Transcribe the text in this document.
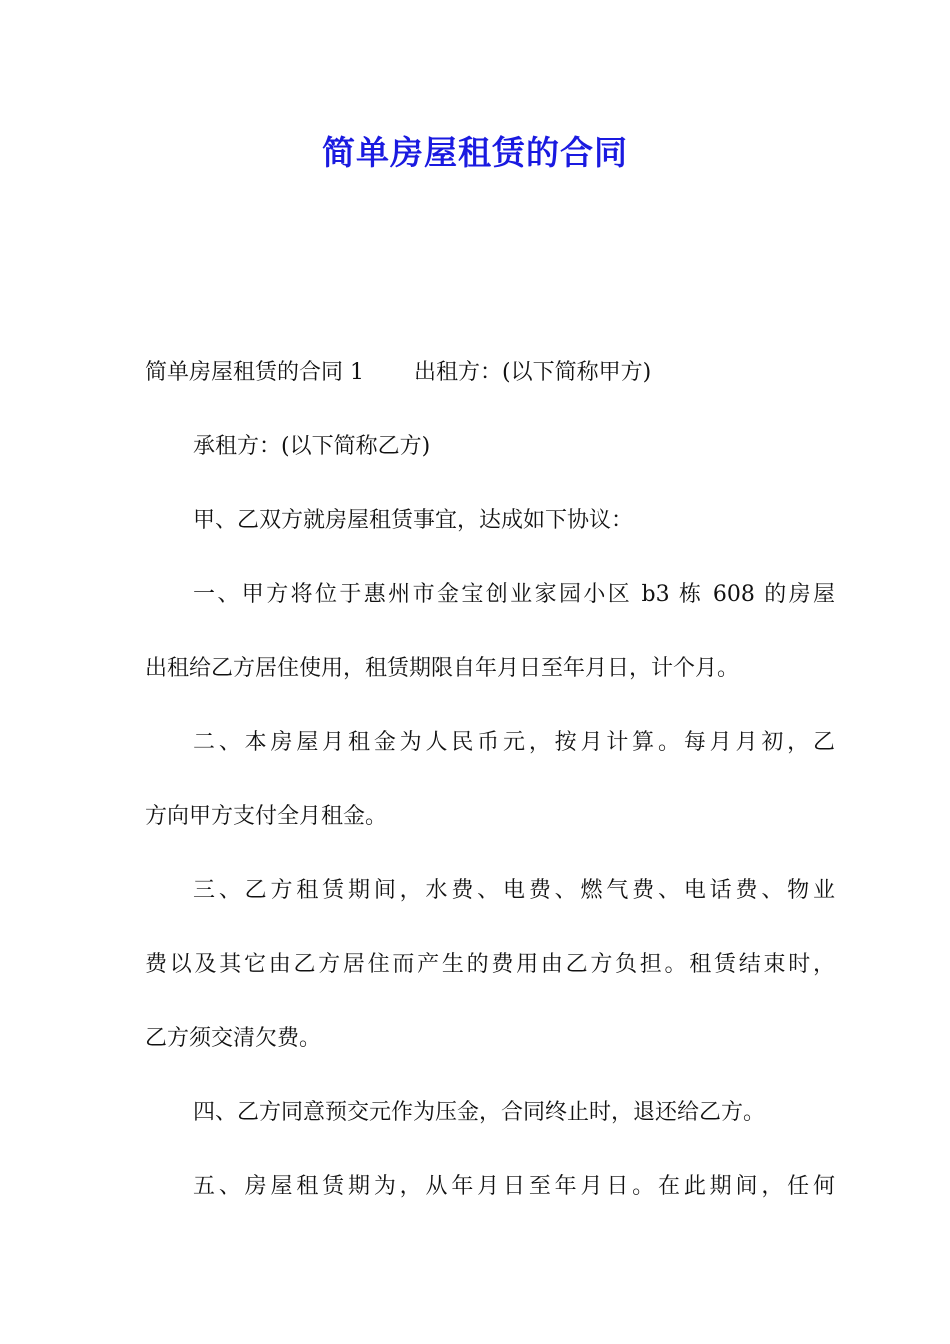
简单房屋租赁的合同
简单房屋租赁的合同 1 出租方：(以下简称甲方)
承租方：(以下简称乙方)
甲、乙双方就房屋租赁事宜，达成如下协议：
一、甲方将位于惠州市金宝创业家园小区 b3 栋 608 的房屋
出租给乙方居住使用，租赁期限自年月日至年月日，计个月。
二、本房屋月租金为人民币元，按月计算。每月月初，乙
方向甲方支付全月租金。
三、乙方租赁期间，水费、电费、燃气费、电话费、物业
费以及其它由乙方居住而产生的费用由乙方负担。租赁结束时，
乙方须交清欠费。
四、乙方同意预交元作为压金，合同终止时，退还给乙方。
五、房屋租赁期为，从年月日至年月日。在此期间，任何
